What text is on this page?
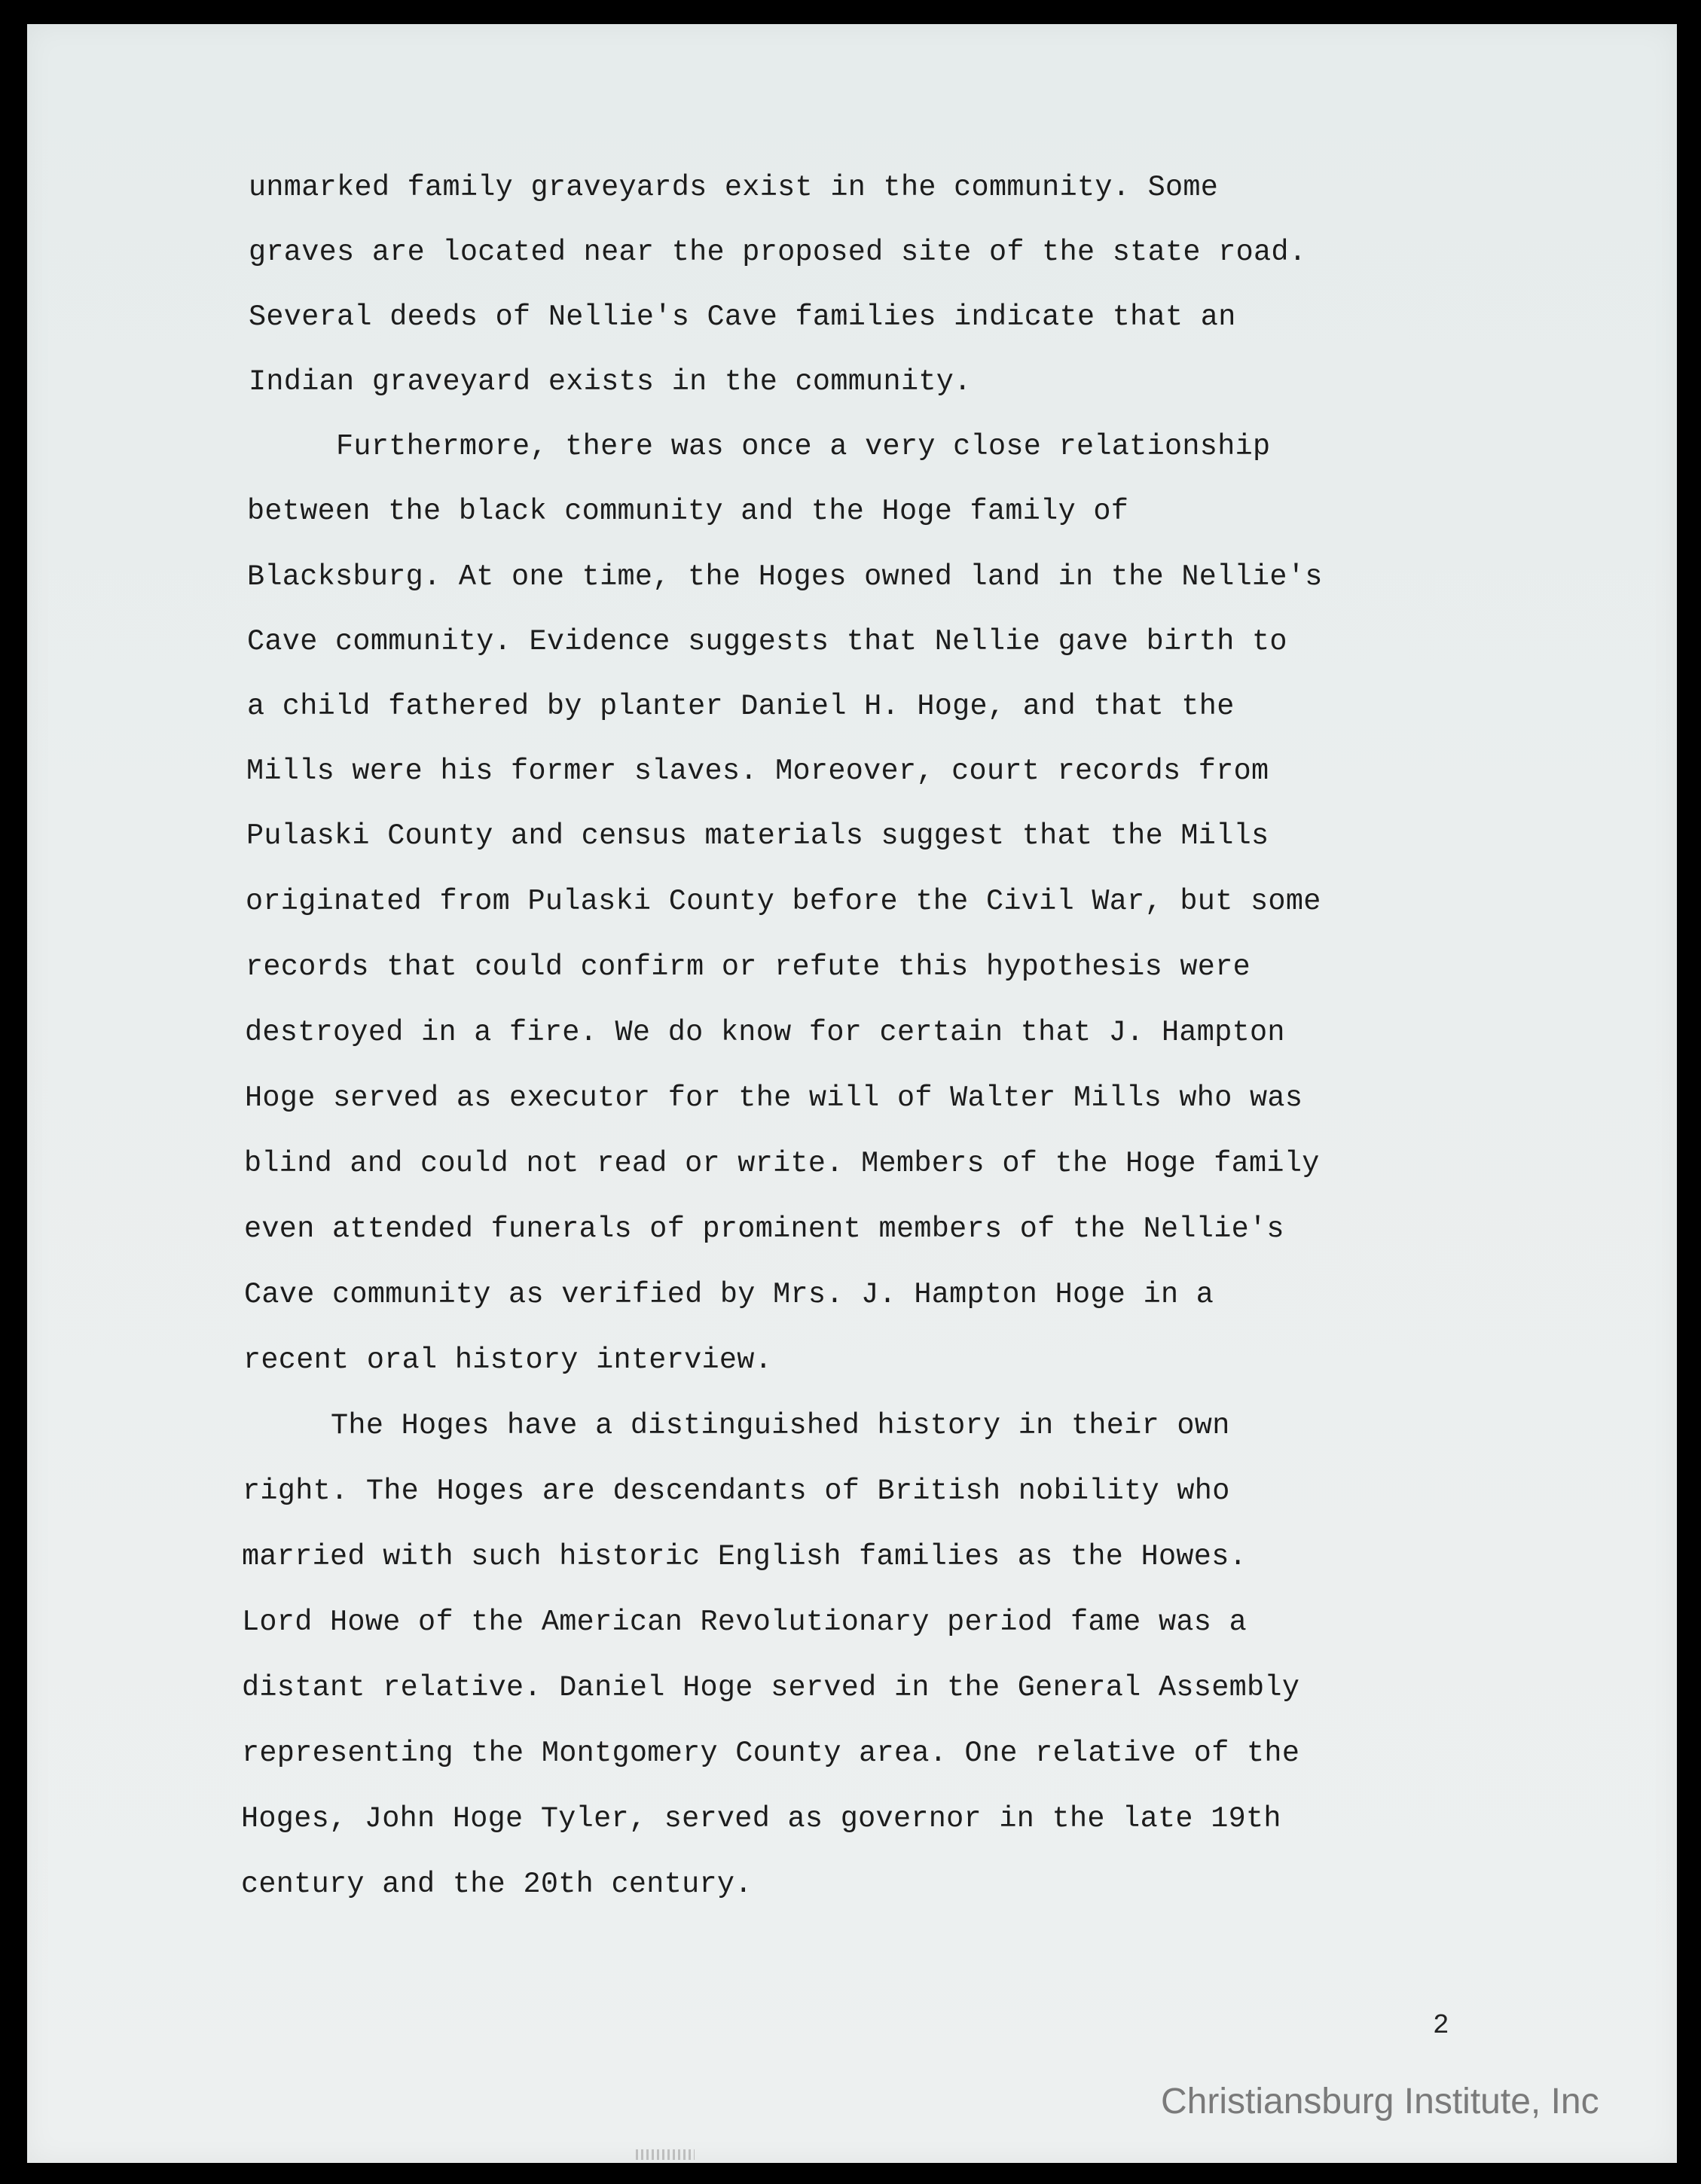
unmarked family graveyards exist in the community. Some
graves are located near the proposed site of the state road.
Several deeds of Nellie's Cave families indicate that an
Indian graveyard exists in the community.
Furthermore, there was once a very close relationship
between the black community and the Hoge family of
Blacksburg. At one time, the Hoges owned land in the Nellie's
Cave community. Evidence suggests that Nellie gave birth to
a child fathered by planter Daniel H. Hoge, and that the
Mills were his former slaves. Moreover, court records from
Pulaski County and census materials suggest that the Mills
originated from Pulaski County before the Civil War, but some
records that could confirm or refute this hypothesis were
destroyed in a fire. We do know for certain that J. Hampton
Hoge served as executor for the will of Walter Mills who was
blind and could not read or write. Members of the Hoge family
even attended funerals of prominent members of the Nellie's
Cave community as verified by Mrs. J. Hampton Hoge in a
recent oral history interview.
The Hoges have a distinguished history in their own
right. The Hoges are descendants of British nobility who
married with such historic English families as the Howes.
Lord Howe of the American Revolutionary period fame was a
distant relative. Daniel Hoge served in the General Assembly
representing the Montgomery County area. One relative of the
Hoges, John Hoge Tyler, served as governor in the late 19th
century and the 20th century.
2
Christiansburg Institute, Inc
